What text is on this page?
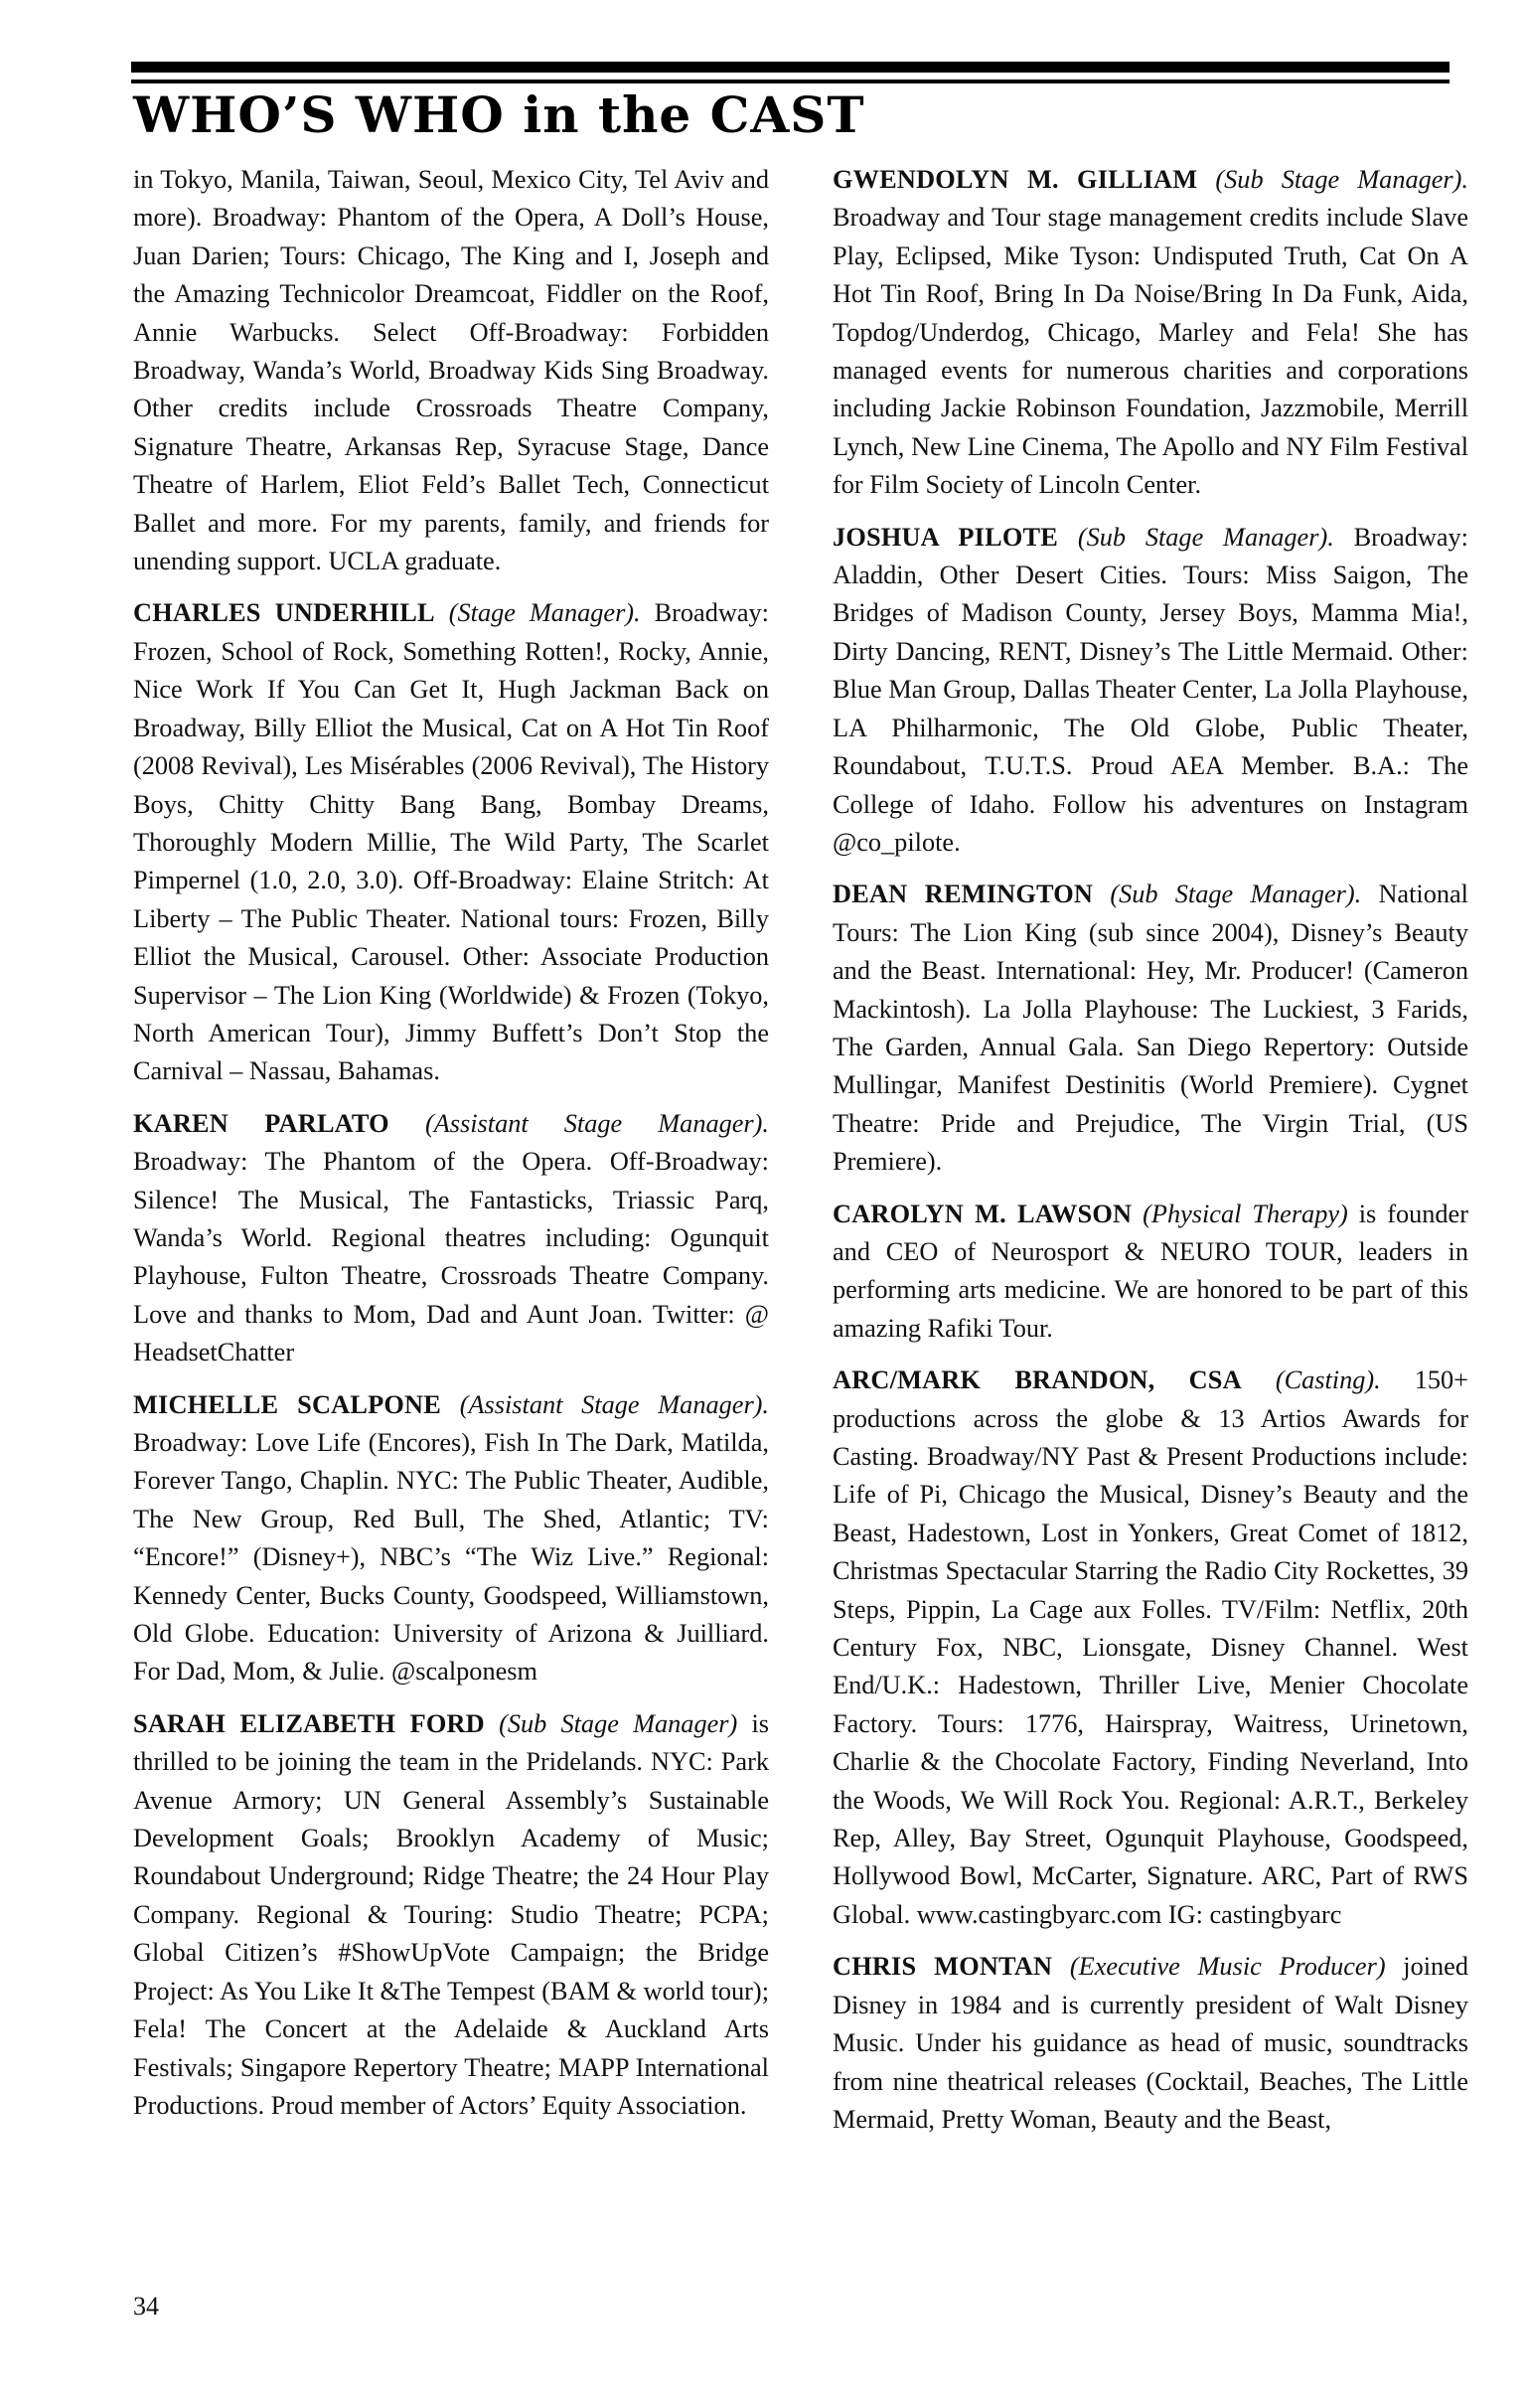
WHO’S WHO in the CAST

in Tokyo, Manila, Taiwan, Seoul, Mexico City, Tel Aviv and more). Broadway: Phantom of the Opera, A Doll’s House, Juan Darien; Tours: Chicago, The King and I, Joseph and the Amazing Technicolor Dreamcoat, Fiddler on the Roof, Annie Warbucks. Select Off-Broadway: Forbidden Broadway, Wanda’s World, Broadway Kids Sing Broadway. Other credits include Crossroads Theatre Company, Signature Theatre, Arkansas Rep, Syracuse Stage, Dance Theatre of Harlem, Eliot Feld’s Ballet Tech, Connecticut Ballet and more. For my parents, family, and friends for unending support. UCLA graduate.

CHARLES UNDERHILL (Stage Manager). Broadway: Frozen, School of Rock, Something Rotten!, Rocky, Annie, Nice Work If You Can Get It, Hugh Jackman Back on Broadway, Billy Elliot the Musical, Cat on A Hot Tin Roof (2008 Revival), Les Misérables (2006 Revival), The History Boys, Chitty Chitty Bang Bang, Bombay Dreams, Thoroughly Modern Millie, The Wild Party, The Scarlet Pimpernel (1.0, 2.0, 3.0). Off-Broadway: Elaine Stritch: At Liberty – The Public Theater. National tours: Frozen, Billy Elliot the Musical, Carousel. Other: Associate Production Supervisor – The Lion King (Worldwide) & Frozen (Tokyo, North American Tour), Jimmy Buffett’s Don’t Stop the Carnival – Nassau, Bahamas.

KAREN PARLATO (Assistant Stage Manager). Broadway: The Phantom of the Opera. Off-Broadway: Silence! The Musical, The Fantasticks, Triassic Parq, Wanda’s World. Regional theatres including: Ogunquit Playhouse, Fulton Theatre, Crossroads Theatre Company. Love and thanks to Mom, Dad and Aunt Joan. Twitter: @ HeadsetChatter

MICHELLE SCALPONE (Assistant Stage Manager). Broadway: Love Life (Encores), Fish In The Dark, Matilda, Forever Tango, Chaplin. NYC: The Public Theater, Audible, The New Group, Red Bull, The Shed, Atlantic; TV: “Encore!” (Disney+), NBC’s “The Wiz Live.” Regional: Kennedy Center, Bucks County, Goodspeed, Williamstown, Old Globe. Education: University of Arizona & Juilliard. For Dad, Mom, & Julie. @scalponesm

SARAH ELIZABETH FORD (Sub Stage Manager) is thrilled to be joining the team in the Pridelands. NYC: Park Avenue Armory; UN General Assembly’s Sustainable Development Goals; Brooklyn Academy of Music; Roundabout Underground; Ridge Theatre; the 24 Hour Play Company. Regional & Touring: Studio Theatre; PCPA; Global Citizen’s #ShowUpVote Campaign; the Bridge Project: As You Like It &The Tempest (BAM & world tour); Fela! The Concert at the Adelaide & Auckland Arts Festivals; Singapore Repertory Theatre; MAPP International Productions. Proud member of Actors’ Equity Association.

GWENDOLYN M. GILLIAM (Sub Stage Manager). Broadway and Tour stage management credits include Slave Play, Eclipsed, Mike Tyson: Undisputed Truth, Cat On A Hot Tin Roof, Bring In Da Noise/Bring In Da Funk, Aida, Topdog/Underdog, Chicago, Marley and Fela! She has managed events for numerous charities and corporations including Jackie Robinson Foundation, Jazzmobile, Merrill Lynch, New Line Cinema, The Apollo and NY Film Festival for Film Society of Lincoln Center.

JOSHUA PILOTE (Sub Stage Manager). Broadway: Aladdin, Other Desert Cities. Tours: Miss Saigon, The Bridges of Madison County, Jersey Boys, Mamma Mia!, Dirty Dancing, RENT, Disney’s The Little Mermaid. Other: Blue Man Group, Dallas Theater Center, La Jolla Playhouse, LA Philharmonic, The Old Globe, Public Theater, Roundabout, T.U.T.S. Proud AEA Member. B.A.: The College of Idaho. Follow his adventures on Instagram @co_pilote.

DEAN REMINGTON (Sub Stage Manager). National Tours: The Lion King (sub since 2004), Disney’s Beauty and the Beast. International: Hey, Mr. Producer! (Cameron Mackintosh). La Jolla Playhouse: The Luckiest, 3 Farids, The Garden, Annual Gala. San Diego Repertory: Outside Mullingar, Manifest Destinitis (World Premiere). Cygnet Theatre: Pride and Prejudice, The Virgin Trial, (US Premiere).

CAROLYN M. LAWSON (Physical Therapy) is founder and CEO of Neurosport & NEURO TOUR, leaders in performing arts medicine. We are honored to be part of this amazing Rafiki Tour.

ARC/MARK BRANDON, CSA (Casting). 150+ productions across the globe & 13 Artios Awards for Casting. Broadway/NY Past & Present Productions include: Life of Pi, Chicago the Musical, Disney’s Beauty and the Beast, Hadestown, Lost in Yonkers, Great Comet of 1812, Christmas Spectacular Starring the Radio City Rockettes, 39 Steps, Pippin, La Cage aux Folles. TV/Film: Netflix, 20th Century Fox, NBC, Lionsgate, Disney Channel. West End/U.K.: Hadestown, Thriller Live, Menier Chocolate Factory. Tours: 1776, Hairspray, Waitress, Urinetown, Charlie & the Chocolate Factory, Finding Neverland, Into the Woods, We Will Rock You. Regional: A.R.T., Berkeley Rep, Alley, Bay Street, Ogunquit Playhouse, Goodspeed, Hollywood Bowl, McCarter, Signature. ARC, Part of RWS Global. www.castingbyarc.com IG: castingbyarc

CHRIS MONTAN (Executive Music Producer) joined Disney in 1984 and is currently president of Walt Disney Music. Under his guidance as head of music, soundtracks from nine theatrical releases (Cocktail, Beaches, The Little Mermaid, Pretty Woman, Beauty and the Beast,

34
